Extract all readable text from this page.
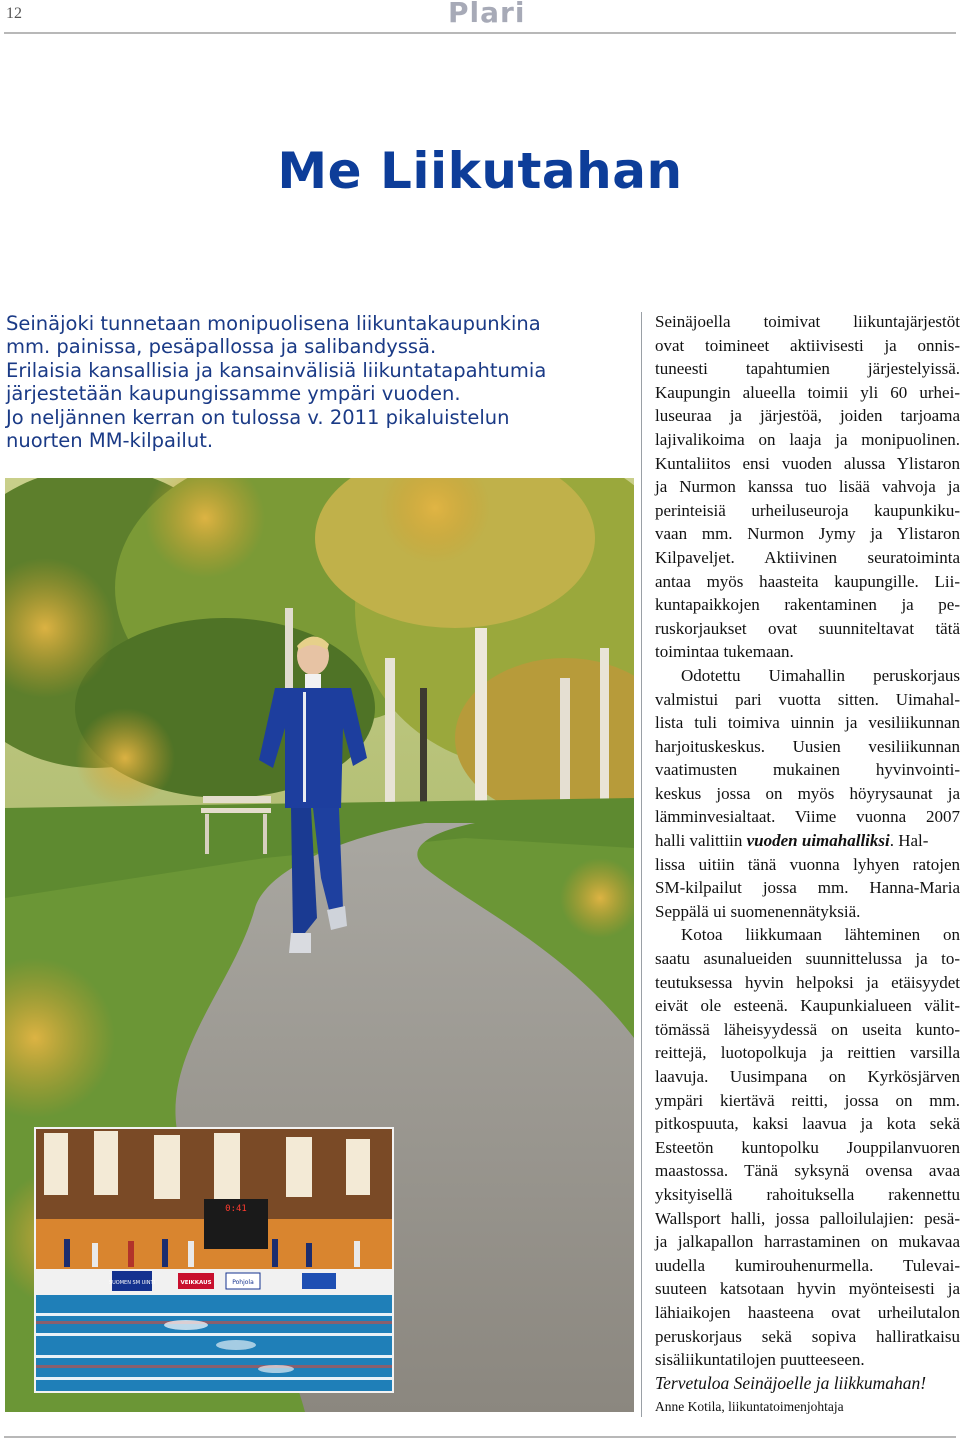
12	Plari
Me Liikutahan
Seinäjoki tunnetaan monipuolisena liikuntakaupunkina
mm. painissa, pesäpallossa ja salibandyssä.
Erilaisia kansallisia ja kansainvälisiä liikuntatapahtumia
järjestetään kaupungissamme ympäri vuoden.
Jo neljännen kerran on tulossa v. 2011 pikaluistelun
nuorten MM-kilpailut.
Seinäjoella toimivat liikuntajärjestöt
ovat toimineet aktiivisesti ja onnis-
tuneesti tapahtumien järjestelyissä.
Kaupungin alueella toimii yli 60 urhei-
luseuraa ja järjestöä, joiden tarjoama
lajivalikoima on laaja ja monipuolinen.
Kuntaliitos ensi vuoden alussa Ylistaron
ja Nurmon kanssa tuo lisää vahvoja ja
perinteisiä urheiluseuroja kaupunkiku-
vaan mm. Nurmon Jymy ja Ylistaron
Kilpaveljet. Aktiivinen seuratoiminta
antaa myös haasteita kaupungille. Lii-
kuntapaikkojen rakentaminen ja pe-
ruskorjaukset ovat suunniteltavat tätä
toimintaa tukemaan.
Odotettu Uimahallin peruskorjaus
valmistui pari vuotta sitten. Uimahal-
lista tuli toimiva uinnin ja vesiliikunnan
harjoituskeskus. Uusien vesiliikunnan
vaatimusten mukainen hyvinvointi-
keskus jossa on myös höyrysaunat ja
lämminvesialtaat. Viime vuonna 2007
halli valittiin vuoden uimahalliksi. Hal-
lissa uitiin tänä vuonna lyhyen ratojen
SM-kilpailut jossa mm. Hanna-Maria
Seppälä ui suomenennätyksiä.
Kotoa liikkumaan lähteminen on
saatu asunalueiden suunnittelussa ja to-
teutuksessa hyvin helpoksi ja etäisyydet
eivät ole esteenä. Kaupunkialueen välit-
tömässä läheisyydessä on useita kunto-
reittejä, luotopolkuja ja reittien varsilla
laavuja. Uusimpana on Kyrkösjärven
ympäri kiertävä reitti, jossa on mm.
pitkospuuta, kaksi laavua ja kota sekä
Esteetön kuntopolku Jouppilanvuoren
maastossa. Tänä syksynä ovensa avaa
yksityisellä rahoituksella rakennettu
Wallsport halli, jossa palloilulajien: pesä-
ja jalkapallon harrastaminen on mukavaa
uudella kumirouhenurmella. Tulevai-
suuteen katsotaan hyvin myönteisesti ja
lähiaikojen haasteena ovat urheilutalon
peruskorjaus sekä sopiva halliratkaisu
sisäliikuntatilojen puutteeseen.
Tervetuloa Seinäjoelle ja liikkumahan!
Anne Kotila, liikuntatoimenjohtaja
0:41
SUOMEN SM UINTI	VEIKKAUS	Pohjola
